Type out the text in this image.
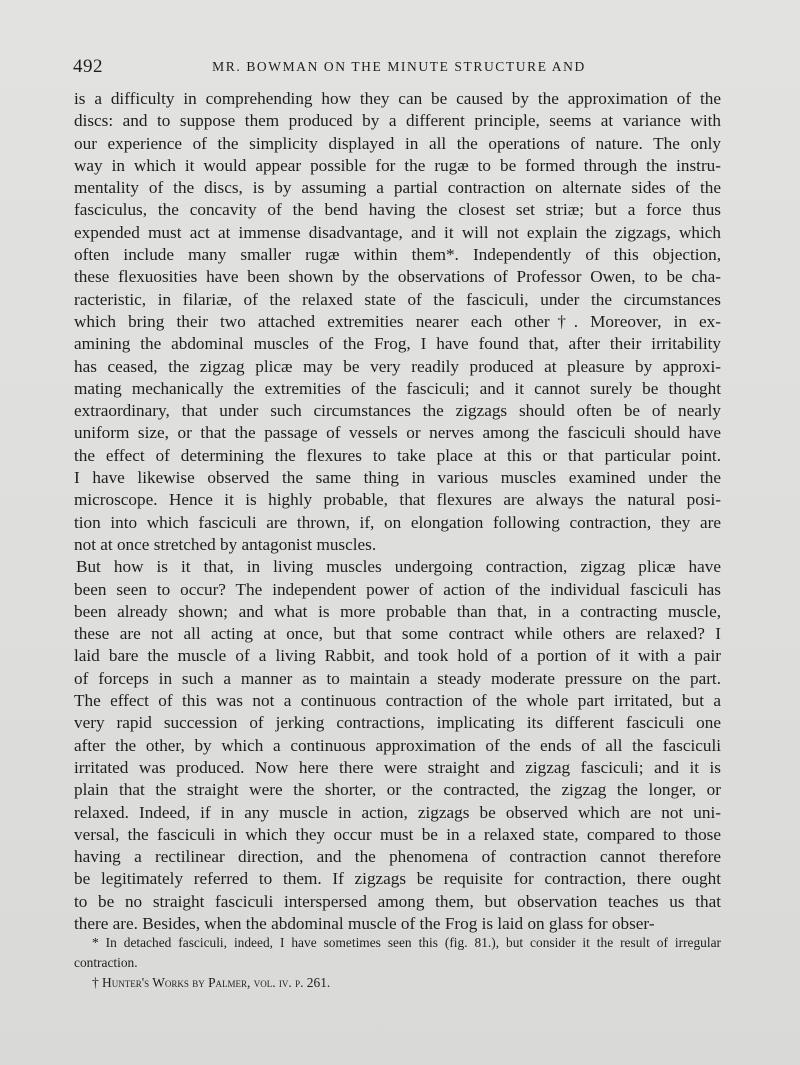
492	MR. BOWMAN ON THE MINUTE STRUCTURE AND
is a difficulty in comprehending how they can be caused by the approximation of the
discs: and to suppose them produced by a different principle, seems at variance with
our experience of the simplicity displayed in all the operations of nature. The only
way in which it would appear possible for the rugæ to be formed through the instru-
mentality of the discs, is by assuming a partial contraction on alternate sides of the
fasciculus, the concavity of the bend having the closest set striæ; but a force thus
expended must act at immense disadvantage, and it will not explain the zigzags, which
often include many smaller rugæ within them*. Independently of this objection,
these flexuosities have been shown by the observations of Professor Owen, to be cha-
racteristic, in filariæ, of the relaxed state of the fasciculi, under the circumstances
which bring their two attached extremities nearer each other†. Moreover, in ex-
amining the abdominal muscles of the Frog, I have found that, after their irritability
has ceased, the zigzag plicæ may be very readily produced at pleasure by approxi-
mating mechanically the extremities of the fasciculi; and it cannot surely be thought
extraordinary, that under such circumstances the zigzags should often be of nearly
uniform size, or that the passage of vessels or nerves among the fasciculi should have
the effect of determining the flexures to take place at this or that particular point.
I have likewise observed the same thing in various muscles examined under the
microscope. Hence it is highly probable, that flexures are always the natural posi-
tion into which fasciculi are thrown, if, on elongation following contraction, they are
not at once stretched by antagonist muscles.
But how is it that, in living muscles undergoing contraction, zigzag plicæ have
been seen to occur? The independent power of action of the individual fasciculi has
been already shown; and what is more probable than that, in a contracting muscle,
these are not all acting at once, but that some contract while others are relaxed? I
laid bare the muscle of a living Rabbit, and took hold of a portion of it with a pair
of forceps in such a manner as to maintain a steady moderate pressure on the part.
The effect of this was not a continuous contraction of the whole part irritated, but a
very rapid succession of jerking contractions, implicating its different fasciculi one
after the other, by which a continuous approximation of the ends of all the fasciculi
irritated was produced. Now here there were straight and zigzag fasciculi; and it is
plain that the straight were the shorter, or the contracted, the zigzag the longer, or
relaxed. Indeed, if in any muscle in action, zigzags be observed which are not uni-
versal, the fasciculi in which they occur must be in a relaxed state, compared to those
having a rectilinear direction, and the phenomena of contraction cannot therefore
be legitimately referred to them. If zigzags be requisite for contraction, there ought
to be no straight fasciculi interspersed among them, but observation teaches us that
there are. Besides, when the abdominal muscle of the Frog is laid on glass for obser-
* In detached fasciculi, indeed, I have sometimes seen this (fig. 81.), but consider it the result of irregular
contraction.
† Hunter's Works by Palmer, vol. iv. p. 261.
